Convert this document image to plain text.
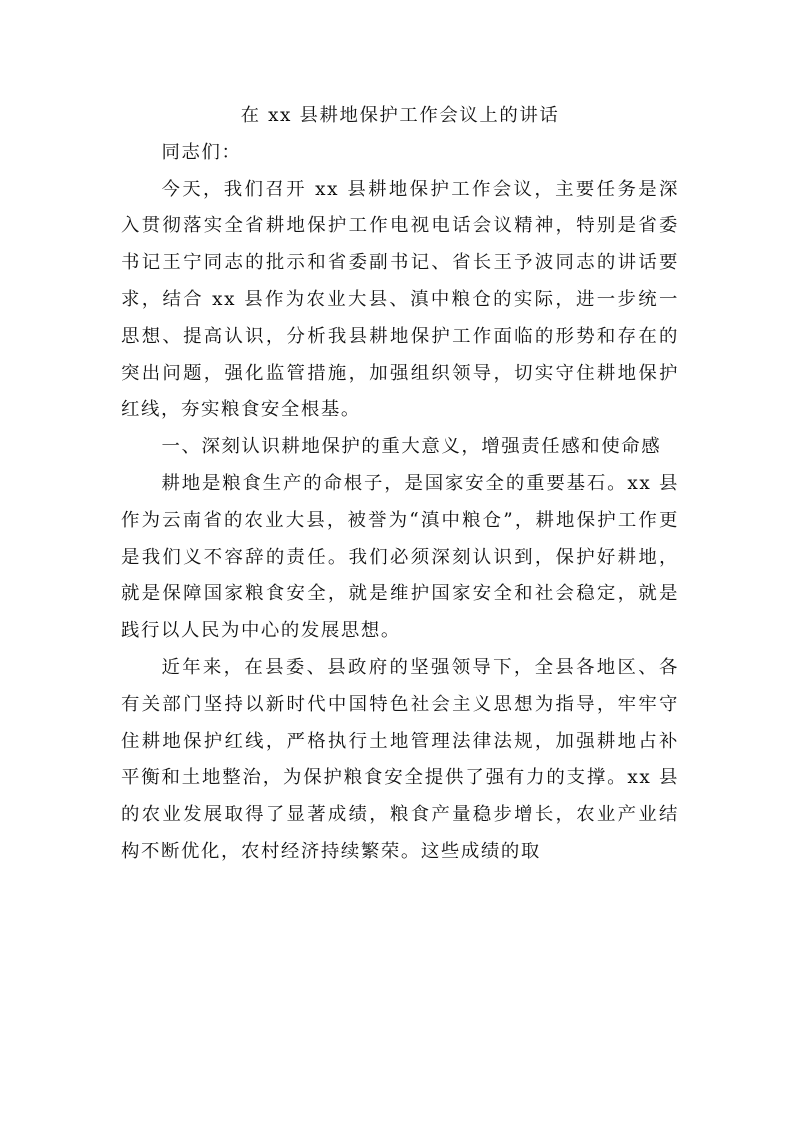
在 xx 县耕地保护工作会议上的讲话

同志们：

今天，我们召开 xx 县耕地保护工作会议，主要任务是深入贯彻落实全省耕地保护工作电视电话会议精神，特别是省委书记王宁同志的批示和省委副书记、省长王予波同志的讲话要求，结合 xx 县作为农业大县、滇中粮仓的实际，进一步统一思想、提高认识，分析我县耕地保护工作面临的形势和存在的突出问题，强化监管措施，加强组织领导，切实守住耕地保护红线，夯实粮食安全根基。

一、深刻认识耕地保护的重大意义，增强责任感和使命感

耕地是粮食生产的命根子，是国家安全的重要基石。xx 县作为云南省的农业大县，被誉为“滇中粮仓”，耕地保护工作更是我们义不容辞的责任。我们必须深刻认识到，保护好耕地，就是保障国家粮食安全，就是维护国家安全和社会稳定，就是践行以人民为中心的发展思想。

近年来，在县委、县政府的坚强领导下，全县各地区、各有关部门坚持以新时代中国特色社会主义思想为指导，牢牢守住耕地保护红线，严格执行土地管理法律法规，加强耕地占补平衡和土地整治，为保护粮食安全提供了强有力的支撑。xx 县的农业发展取得了显著成绩，粮食产量稳步增长，农业产业结构不断优化，农村经济持续繁荣。这些成绩的取
